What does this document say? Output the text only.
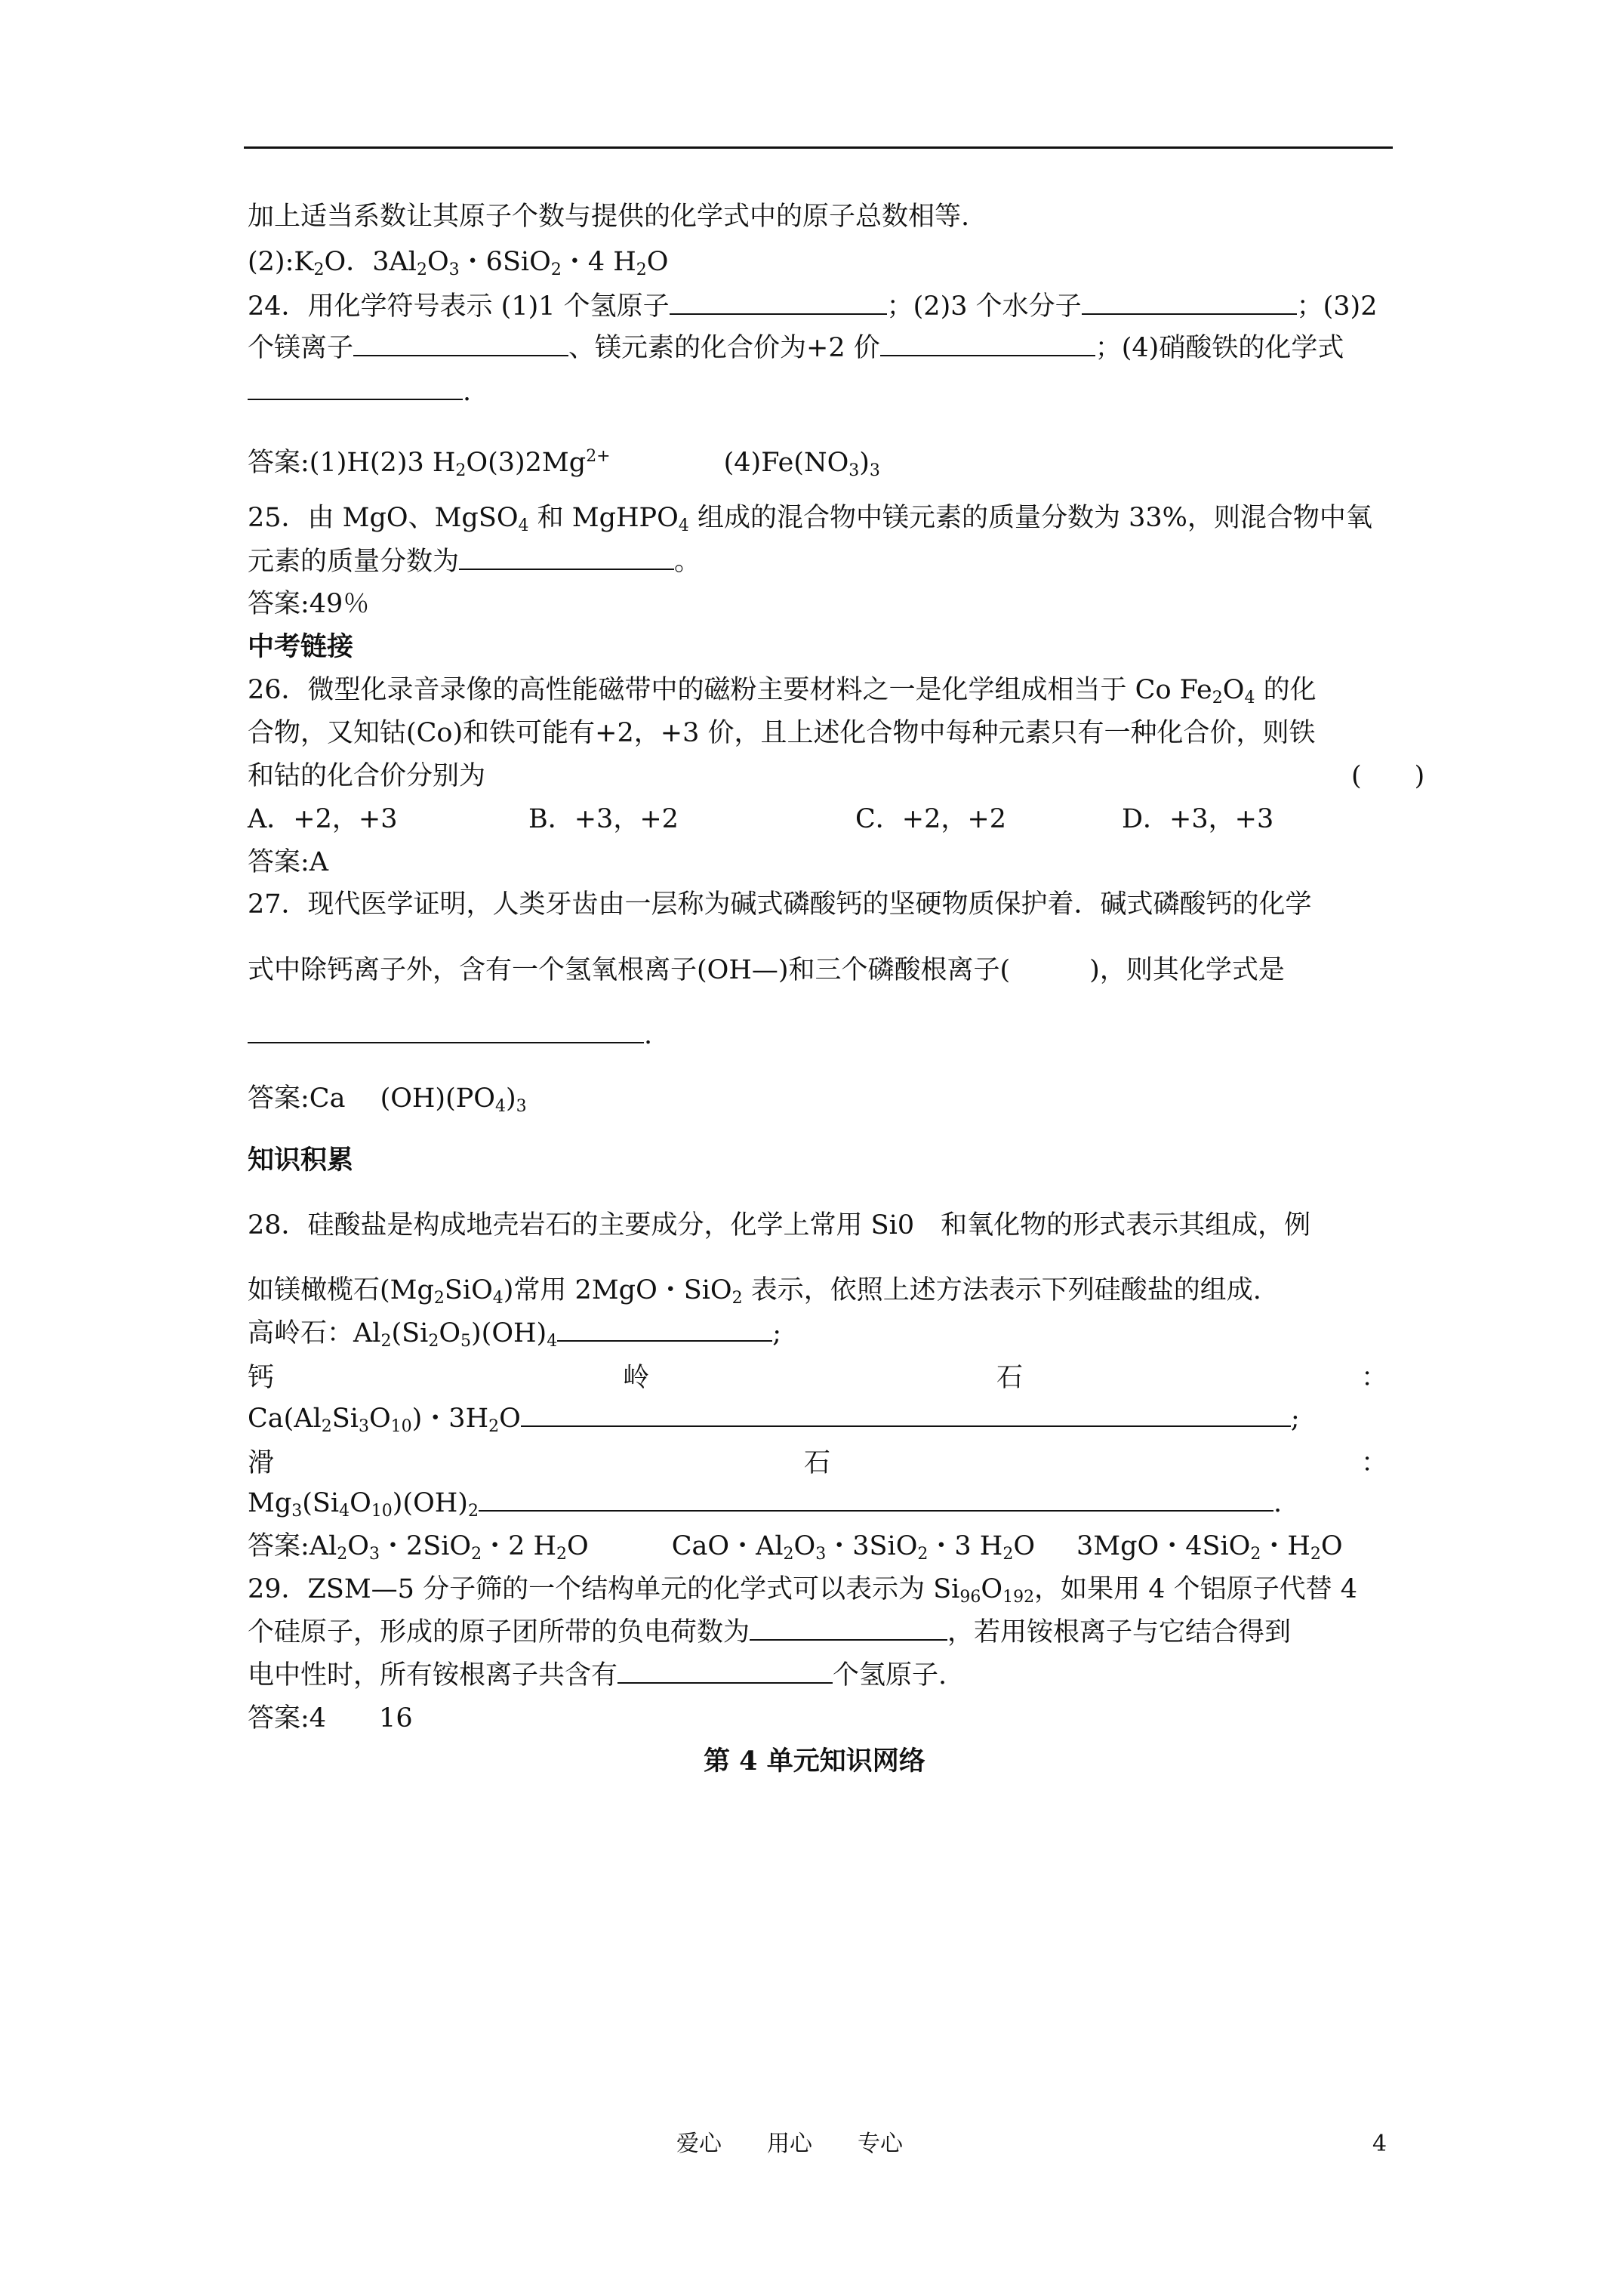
加上适当系数让其原子个数与提供的化学式中的原子总数相等.
$(2):K_2O$．$3Al_2O_3$・6SiO$_2$・4 $H_2O$
24．用化学符号表示 (1)1 个氢原子	；(2)3 个水分子	；(3)2
个镁离子	、镁元素的化合价为+2 价	；(4)硝酸铁的化学式
.
答案:(1)H(2)3 $H_2O(3)2Mg^{2+}$	$(4)Fe(NO_3)_3$
25．由 MgO、MgSO$_4$ 和 MgHPO$_4$ 组成的混合物中镁元素的质量分数为 33%，则混合物中氧
元素的质量分数为	。
答案:49％
中考链接
26．微型化录音录像的高性能磁带中的磁粉主要材料之一是化学组成相当于 Co $Fe_2O_4$ 的化
合物，又知钴(Co)和铁可能有+2，+3 价，且上述化合物中每种元素只有一种化合价，则铁
和钴的化合价分别为	(　　)
A．+2，+3	B．+3，+2	C．+2，+2	D．+3，+3
答案:A
27．现代医学证明，人类牙齿由一层称为碱式磷酸钙的坚硬物质保护着．碱式磷酸钙的化学
式中除钙离子外，含有一个氢氧根离子(OH—)和三个磷酸根离子(　　　)，则其化学式是
.
答案:Ca　 $(OH)(PO_4)_3$
知识积累
28．硅酸盐是构成地壳岩石的主要成分，化学上常用 Si0　和氧化物的形式表示其组成，例
如镁橄榄石$(Mg_2SiO_4)$常用 2MgO・SiO$_2$ 表示，依照上述方法表示下列硅酸盐的组成.
高岭石：$Al_2(Si_2O_5)(OH)_4$	;
钙	岭	石	：
$Ca(Al_2Si_3O_{10})$・$3H_2O$	;
滑	石	：
$Mg_3(Si_4O_{10})(OH)_2$	.
答案$:Al_2O_3$・2SiO$_2$・2 $H_2O$	CaO・$Al_2O_3$・3SiO$_2$・3 $H_2O$ 3MgO・4SiO$_2$・$H_2O$
29．ZSM—5 分子筛的一个结构单元的化学式可以表示为 $Si_{96}O_{192}$，如果用 4 个铝原子代替 4
个硅原子，形成的原子团所带的负电荷数为	，若用铵根离子与它结合得到
电中性时，所有铵根离子共含有	个氢原子.
答案:4　　16
第 4 单元知识网络
爱心　　用心　　专心	4
